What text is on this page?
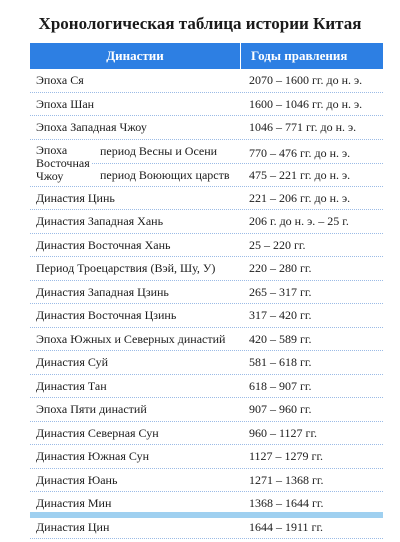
Хронологическая таблица истории Китая
Династии	Годы правления
Эпоха Ся	2070 – 1600 гг. до н. э.
Эпоха Шан	1600 – 1046 гг. до н. э.
Эпоха Западная Чжоу	1046 – 771 гг. до н. э.
Эпоха Восточная Чжоу
период Весны и Осени	770 – 476 гг. до н. э.
период Воюющих царств 475 – 221 гг. до н. э.
Династия Цинь	221 – 206 гг. до н. э.
Династия Западная Хань	206 г. до н. э. – 25 г.
Династия Восточная Хань	25 – 220 гг.
Период Троецарствия (Вэй, Шу, У)	220 – 280 гг.
Династия Западная Цзинь	265 – 317 гг.
Династия Восточная Цзинь	317 – 420 гг.
Эпоха Южных и Северных династий	420 – 589 гг.
Династия Суй	581 – 618 гг.
Династия Тан	618 – 907 гг.
Эпоха Пяти династий	907 – 960 гг.
Династия Северная Сун	960 – 1127 гг.
Династия Южная Сун	1127 – 1279 гг.
Династия Юань	1271 – 1368 гг.
Династия Мин	1368 – 1644 гг.
Династия Цин	1644 – 1911 гг.
